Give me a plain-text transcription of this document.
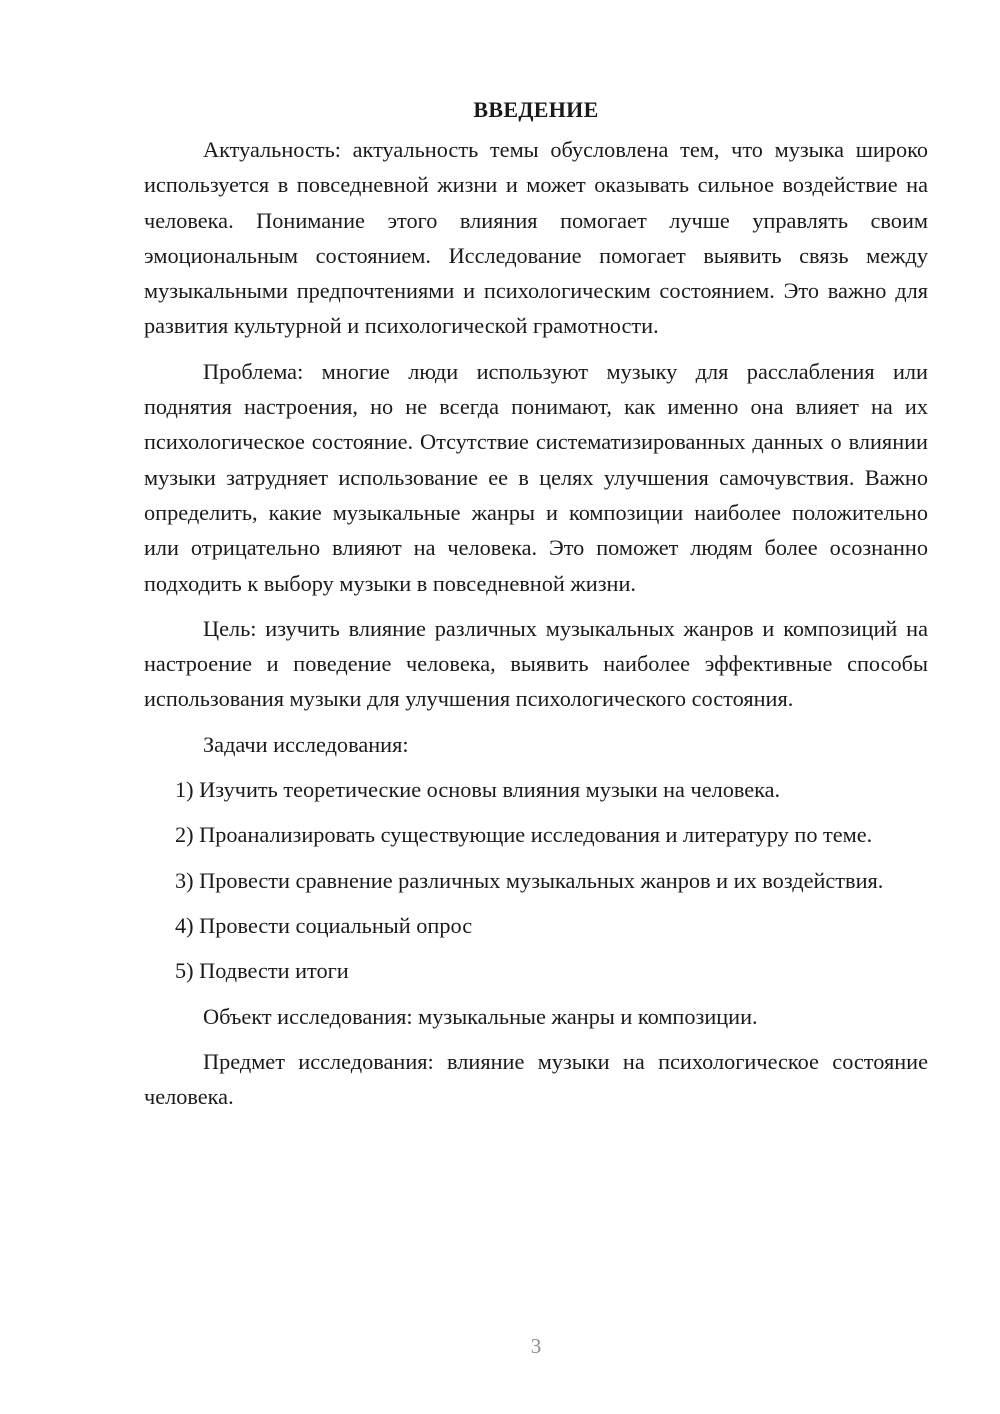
ВВЕДЕНИЕ

Актуальность: актуальность темы обусловлена тем, что музыка широко используется в повседневной жизни и может оказывать сильное воздействие на человека. Понимание этого влияния помогает лучше управлять своим эмоциональным состоянием. Исследование помогает выявить связь между музыкальными предпочтениями и психологическим состоянием. Это важно для развития культурной и психологической грамотности.

Проблема: многие люди используют музыку для расслабления или поднятия настроения, но не всегда понимают, как именно она влияет на их психологическое состояние. Отсутствие систематизированных данных о влиянии музыки затрудняет использование ее в целях улучшения самочувствия. Важно определить, какие музыкальные жанры и композиции наиболее положительно или отрицательно влияют на человека. Это поможет людям более осознанно подходить к выбору музыки в повседневной жизни.

Цель: изучить влияние различных музыкальных жанров и композиций на настроение и поведение человека, выявить наиболее эффективные способы использования музыки для улучшения психологического состояния.

Задачи исследования:

1) Изучить теоретические основы влияния музыки на человека.

2) Проанализировать существующие исследования и литературу по теме.

3) Провести сравнение различных музыкальных жанров и их воздействия.

4) Провести социальный опрос

5) Подвести итоги

Объект исследования: музыкальные жанры и композиции.

Предмет исследования: влияние музыки на психологическое состояние человека.

3
